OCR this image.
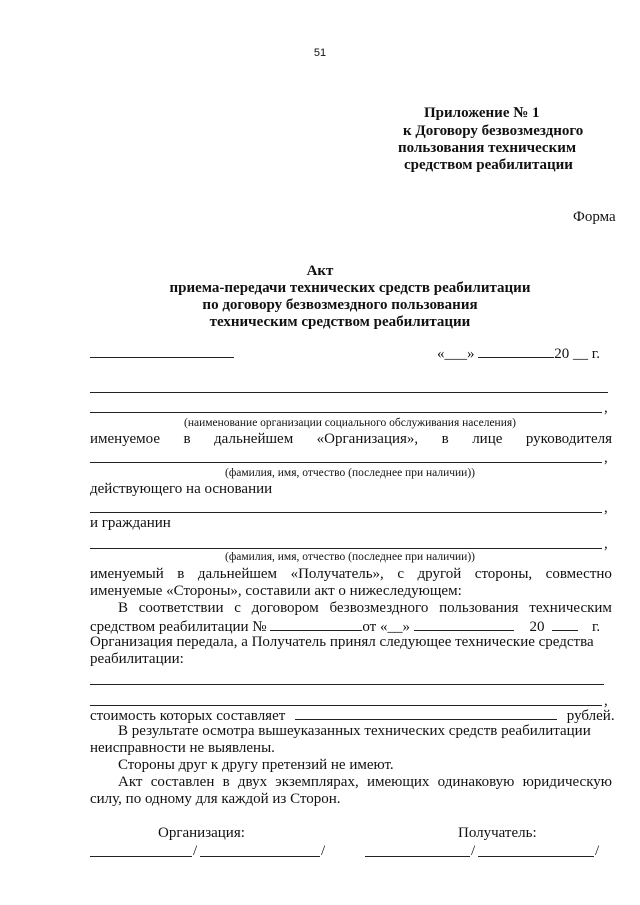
51
Приложение № 1
к Договору безвозмездного
пользования техническим
средством реабилитации
Форма
Акт
приема-передачи технических средств реабилитации
по договору безвозмездного пользования
техническим средством реабилитации
«___»	20 __ г.
,
(наименование организации социального обслуживания населения)
именуемое в дальнейшем «Организация», в лице руководителя
,
(фамилия, имя, отчество (последнее при наличии))
действующего на основании
,
и гражданин
,
(фамилия, имя, отчество (последнее при наличии))
именуемый в дальнейшем «Получатель», с другой стороны, совместно
именуемые «Стороны», составили акт о нижеследующем:
В соответствии с договором безвозмездного пользования техническим
средством реабилитации №	от «__»	20	г.
Организация передала, а Получатель принял следующее технические средства
реабилитации:
,
стоимость которых составляет	рублей.
В результате осмотра вышеуказанных технических средств реабилитации
неисправности не выявлены.
Стороны друг к другу претензий не имеют.
Акт составлен в двух экземплярах, имеющих одинаковую юридическую
силу, по одному для каждой из Сторон.
Организация:	Получатель:
/	/	/	/
